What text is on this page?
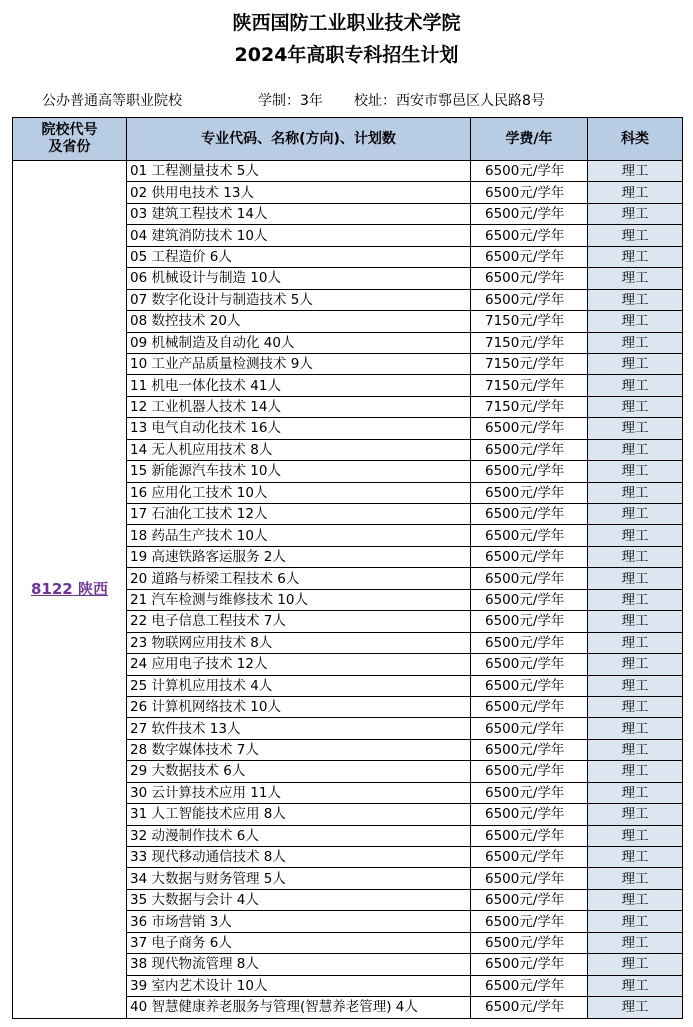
陕西国防工业职业技术学院
2024年高职专科招生计划
公办普通高等职业院校	学制：3年 校址：西安市鄠邑区人民路8号
院校代号
及省份	专业代码、名称(方向)、计划数	学费/年	科类
8122 陕西	01 工程测量技术 5人	6500元/学年	理工
	02 供用电技术 13人	6500元/学年	理工
	03 建筑工程技术 14人	6500元/学年	理工
	04 建筑消防技术 10人	6500元/学年	理工
	05 工程造价 6人	6500元/学年	理工
	06 机械设计与制造 10人	6500元/学年	理工
	07 数字化设计与制造技术 5人	6500元/学年	理工
	08 数控技术 20人	7150元/学年	理工
	09 机械制造及自动化 40人	7150元/学年	理工
	10 工业产品质量检测技术 9人	7150元/学年	理工
	11 机电一体化技术 41人	7150元/学年	理工
	12 工业机器人技术 14人	7150元/学年	理工
	13 电气自动化技术 16人	6500元/学年	理工
	14 无人机应用技术 8人	6500元/学年	理工
	15 新能源汽车技术 10人	6500元/学年	理工
	16 应用化工技术 10人	6500元/学年	理工
	17 石油化工技术 12人	6500元/学年	理工
	18 药品生产技术 10人	6500元/学年	理工
	19 高速铁路客运服务 2人	6500元/学年	理工
	20 道路与桥梁工程技术 6人	6500元/学年	理工
	21 汽车检测与维修技术 10人	6500元/学年	理工
	22 电子信息工程技术 7人	6500元/学年	理工
	23 物联网应用技术 8人	6500元/学年	理工
	24 应用电子技术 12人	6500元/学年	理工
	25 计算机应用技术 4人	6500元/学年	理工
	26 计算机网络技术 10人	6500元/学年	理工
	27 软件技术 13人	6500元/学年	理工
	28 数字媒体技术 7人	6500元/学年	理工
	29 大数据技术 6人	6500元/学年	理工
	30 云计算技术应用 11人	6500元/学年	理工
	31 人工智能技术应用 8人	6500元/学年	理工
	32 动漫制作技术 6人	6500元/学年	理工
	33 现代移动通信技术 8人	6500元/学年	理工
	34 大数据与财务管理 5人	6500元/学年	理工
	35 大数据与会计 4人	6500元/学年	理工
	36 市场营销 3人	6500元/学年	理工
	37 电子商务 6人	6500元/学年	理工
	38 现代物流管理 8人	6500元/学年	理工
	39 室内艺术设计 10人	6500元/学年	理工
	40 智慧健康养老服务与管理(智慧养老管理) 4人	6500元/学年	理工
